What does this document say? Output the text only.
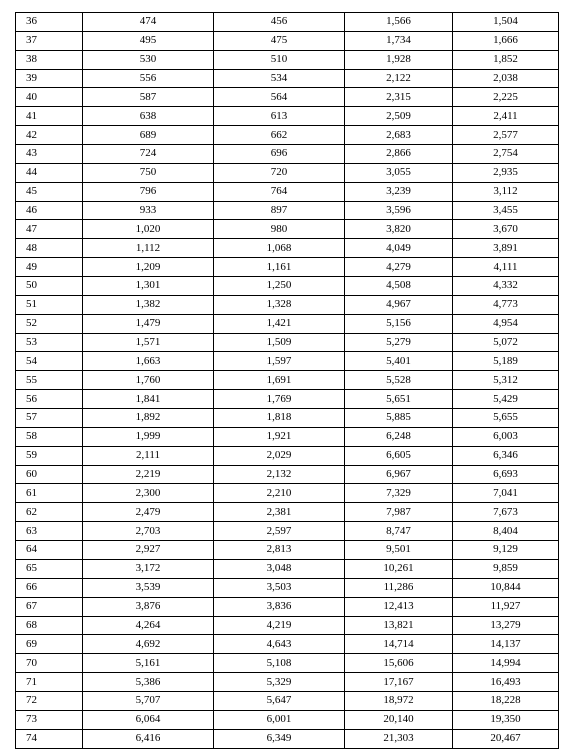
36	474	456	1,566	1,504
37	495	475	1,734	1,666
38	530	510	1,928	1,852
39	556	534	2,122	2,038
40	587	564	2,315	2,225
41	638	613	2,509	2,411
42	689	662	2,683	2,577
43	724	696	2,866	2,754
44	750	720	3,055	2,935
45	796	764	3,239	3,112
46	933	897	3,596	3,455
47	1,020	980	3,820	3,670
48	1,112	1,068	4,049	3,891
49	1,209	1,161	4,279	4,111
50	1,301	1,250	4,508	4,332
51	1,382	1,328	4,967	4,773
52	1,479	1,421	5,156	4,954
53	1,571	1,509	5,279	5,072
54	1,663	1,597	5,401	5,189
55	1,760	1,691	5,528	5,312
56	1,841	1,769	5,651	5,429
57	1,892	1,818	5,885	5,655
58	1,999	1,921	6,248	6,003
59	2,111	2,029	6,605	6,346
60	2,219	2,132	6,967	6,693
61	2,300	2,210	7,329	7,041
62	2,479	2,381	7,987	7,673
63	2,703	2,597	8,747	8,404
64	2,927	2,813	9,501	9,129
65	3,172	3,048	10,261	9,859
66	3,539	3,503	11,286	10,844
67	3,876	3,836	12,413	11,927
68	4,264	4,219	13,821	13,279
69	4,692	4,643	14,714	14,137
70	5,161	5,108	15,606	14,994
71	5,386	5,329	17,167	16,493
72	5,707	5,647	18,972	18,228
73	6,064	6,001	20,140	19,350
74	6,416	6,349	21,303	20,467
